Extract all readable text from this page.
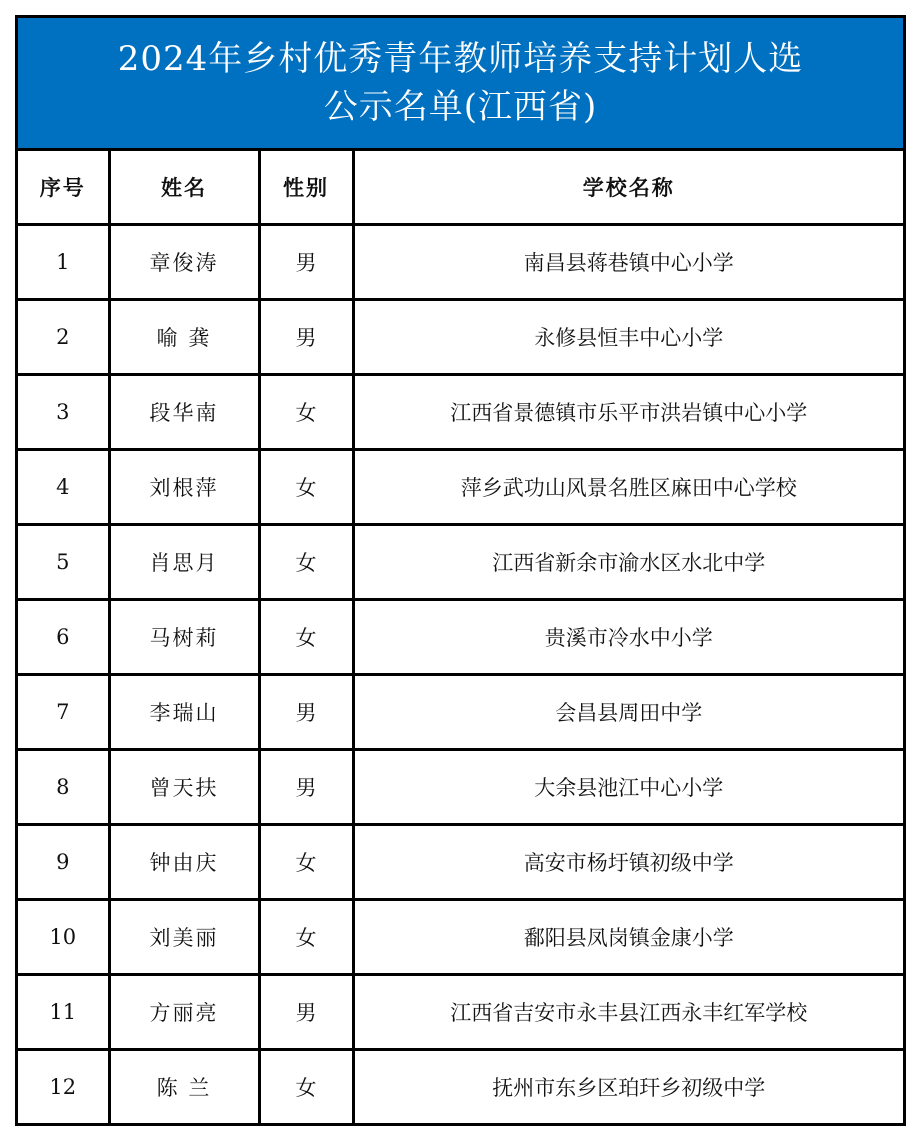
2024年乡村优秀青年教师培养支持计划人选
公示名单(江西省)
序号	姓名	性别	学校名称
1	章俊涛	男	南昌县蒋巷镇中心小学
2	喻 龚	男	永修县恒丰中心小学
3	段华南	女	江西省景德镇市乐平市洪岩镇中心小学
4	刘根萍	女	萍乡武功山风景名胜区麻田中心学校
5	肖思月	女	江西省新余市渝水区水北中学
6	马树莉	女	贵溪市冷水中小学
7	李瑞山	男	会昌县周田中学
8	曾天扶	男	大余县池江中心小学
9	钟由庆	女	高安市杨圩镇初级中学
10	刘美丽	女	鄱阳县凤岗镇金康小学
11	方丽亮	男	江西省吉安市永丰县江西永丰红军学校
12	陈 兰	女	抚州市东乡区珀玕乡初级中学
